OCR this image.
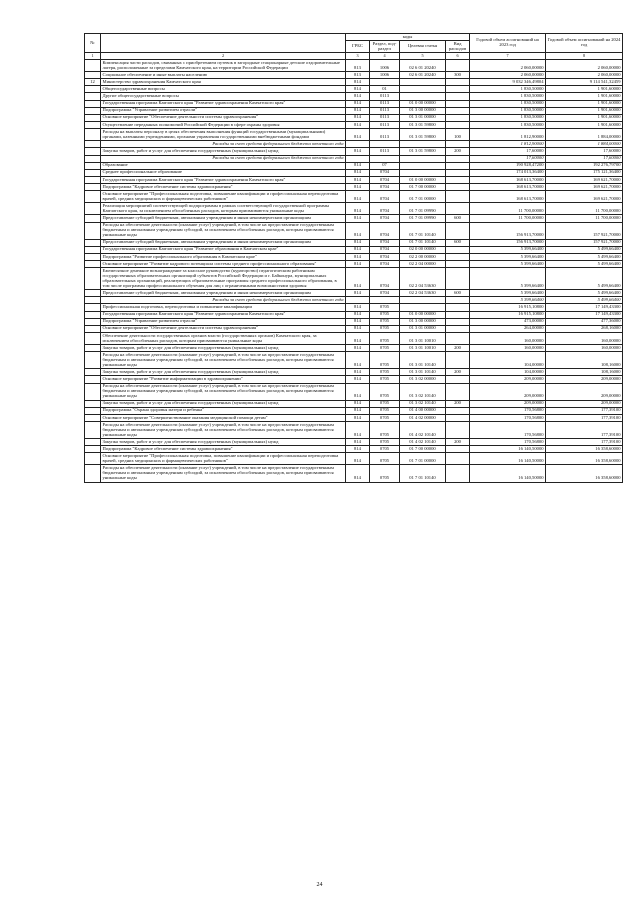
№		коды				Годовой объем ассигнований на 2023 год	Годовой объем ассигнований на 2024 год
		ГРБС	Раздел, под-раздел	Целевая статья	Вид расходов		
1	2	3	4	5	6	7	8
	Компенсация части расходов, связанных с приобретением путевок в загородные стационарные детские оздоровительные лагеря, расположенные за пределами Камчатского края, на территории Российской Федерации	813	1006	02 6 01 20240		2 060,00000	2 060,00000
	Социальное обеспечение и иные выплаты населению	813	1006	02 6 01 20240	300	2 060,00000	2 060,00000
12	Министерство здравоохранения Камчатского края	814				9 032 346,49804	9 114 541,32459
	Общегосударственные вопросы	814	01			1 830,50000	1 901,60000
	Другие общегосударственные вопросы	814	0113			1 830,50000	1 901,60000
	Государственная программа Камчатского края "Развитие здравоохранения Камчатского края"	814	0113	01 0 00 00000		1 830,50000	1 901,60000
	Подпрограмма "Управление развитием отрасли"	814	0113	01 3 00 00000		1 830,50000	1 901,60000
	Основное мероприятие "Обеспечение деятельности системы здравоохранения"	814	0113	01 3 01 00000		1 830,50000	1 901,60000
	Осуществление переданных полномочий Российской Федерации в сфере охраны здоровья	814	0113	01 3 01 59800		1 830,50000	1 901,60000
	Расходы на выплаты персоналу в целях обеспечения выполнения функций государственными (муниципальными) органами, казенными учреждениями, органами управления государственными внебюджетными фондами	814	0113	01 3 01 59800	100	1 812,90000	1 884,00000
	Расходы за счет средств федерального бюджета отчетного года					1 812,90000	1 884,00000
	Закупка товаров, работ и услуг для обеспечения государственных (муниципальных) нужд	814	0113	01 3 01 59800	200	17,60000	17,60000
	Расходы за счет средств федерального бюджета отчетного года					17,60000	17,60000
	Образование	814	07			190 928,47200	192 276,79700
	Среднее профессиональное образование	814	0704			174 013,36400	175 121,36400
	Государственная программа Камчатского края "Развитие здравоохранения Камчатского края"	814	0704	01 0 00 00000		168 613,70000	169 621,70000
	Подпрограмма "Кадровое обеспечение системы здравоохранения"	814	0704	01 7 00 00000		168 613,70000	169 621,70000
	Основное мероприятие "Профессиональная подготовка, повышение квалификации и профессиональная переподготовка врачей, средних медицинских и фармацевтических работников"	814	0704	01 7 01 00000		168 613,70000	169 621,70000
	Реализация мероприятий соответствующей подпрограммы в рамках соответствующей государственной программы Камчатского края, за исключением обособленных расходов, которым присваиваются уникальные коды	814	0704	01 7 01 09990		11 700,00000	11 700,00000
	Предоставление субсидий бюджетным, автономным учреждениям и иным некоммерческим организациям	814	0704	01 7 01 09990	600	11 700,00000	11 700,00000
	Расходы на обеспечение деятельности (оказание услуг) учреждений, в том числе на предоставление государственным бюджетным и автономным учреждениям субсидий, за исключением обособленных расходов, которым присваиваются уникальные коды	814	0704	01 7 01 10140		156 913,70000	157 921,70000
	Предоставление субсидий бюджетным, автономным учреждениям и иным некоммерческим организациям	814	0704	01 7 01 10140	600	156 913,70000	157 921,70000
	Государственная программа Камчатского края "Развитие образования в Камчатском крае"	814	0704	02 0 00 00000		5 399,66400	5 499,66400
	Подпрограмма "Развитие профессионального образования в Камчатском крае"	814	0704	02 2 00 00000		5 399,66400	5 499,66400
	Основное мероприятие "Развитие кадрового потенциала системы среднего профессионального образования"	814	0704	02 2 04 00000		5 399,66400	5 499,66400
	Ежемесячное денежное вознаграждение за классное руководство (кураторство) педагогическим работникам государственных образовательных организаций субъектов Российской Федерации и г. Байконура, муниципальных образовательных организаций, реализующих образовательные программы среднего профессионального образования, в том числе программы профессионального обучения для лиц с ограниченными возможностями здоровья	814	0704	02 2 04 53630		5 399,66400	5 499,66400
	Предоставление субсидий бюджетным, автономным учреждениям и иным некоммерческим организациям	814	0704	02 2 04 53630	600	5 399,66400	5 499,66400
	Расходы за счет средств федерального бюджета отчетного года					5 399,66400	5 499,66400
	Профессиональная подготовка, переподготовка и повышение квалификации	814	0705			16 915,10800	17 149,43300
	Государственная программа Камчатского края "Развитие здравоохранения Камчатского края"	814	0705	01 0 00 00000		16 915,10800	17 149,43300
	Подпрограмма "Управление развитием отрасли"	814	0705	01 3 00 00000		473,00000	477,36000
	Основное мероприятие "Обеспечение деятельности системы здравоохранения"	814	0705	01 3 01 00000		264,00000	268,16000
	Обеспечение деятельности государственных органов власти (государственных органов) Камчатского края, за исключением обособленных расходов, которым присваиваются уникальные коды	814	0705	01 3 01 10010		160,00000	160,00000
	Закупка товаров, работ и услуг для обеспечения государственных (муниципальных) нужд	814	0705	01 3 01 10010	200	160,00000	160,00000
	Расходы на обеспечение деятельности (оказание услуг) учреждений, в том числе на предоставление государственным бюджетным и автономным учреждениям субсидий, за исключением обособленных расходов, которым присваиваются уникальные коды	814	0705	01 3 01 10140		104,00000	108,16000
	Закупка товаров, работ и услуг для обеспечения государственных (муниципальных) нужд	814	0705	01 3 01 10140	200	104,00000	108,16000
	Основное мероприятие "Развитие информатизации в здравоохранении"	814	0705	01 3 02 00000		209,00000	209,00000
	Расходы на обеспечение деятельности (оказание услуг) учреждений, в том числе на предоставление государственным бюджетным и автономным учреждениям субсидий, за исключением обособленных расходов, которым присваиваются уникальные коды	814	0705	01 3 02 10140		209,00000	209,00000
	Закупка товаров, работ и услуг для обеспечения государственных (муниципальных) нужд	814	0705	01 3 02 10140	200	209,00000	209,00000
	Подпрограмма "Охрана здоровья матери и ребенка"	814	0705	01 4 00 00000		170,56800	177,39100
	Основное мероприятие "Совершенствование оказания медицинской помощи детям"	814	0705	01 4 02 00000		170,56800	177,39100
	Расходы на обеспечение деятельности (оказание услуг) учреждений, в том числе на предоставление государственным бюджетным и автономным учреждениям субсидий, за исключением обособленных расходов, которым присваиваются уникальные коды	814	0705	01 4 02 10140		170,56800	177,39100
	Закупка товаров, работ и услуг для обеспечения государственных (муниципальных) нужд	814	0705	01 4 02 10140	200	170,56800	177,39100
	Подпрограмма "Кадровое обеспечение системы здравоохранения"	814	0705	01 7 00 00000		16 140,50000	16 358,60000
	Основное мероприятие "Профессиональная подготовка, повышение квалификации и профессиональная переподготовка врачей, средних медицинских и фармацевтических работников"	814	0705	01 7 01 00000		16 140,50000	16 358,60000
	Расходы на обеспечение деятельности (оказание услуг) учреждений, в том числе на предоставление государственным бюджетным и автономным учреждениям субсидий, за исключением обособленных расходов, которым присваиваются уникальные коды	814	0705	01 7 01 10140		16 140,50000	16 358,60000
24
